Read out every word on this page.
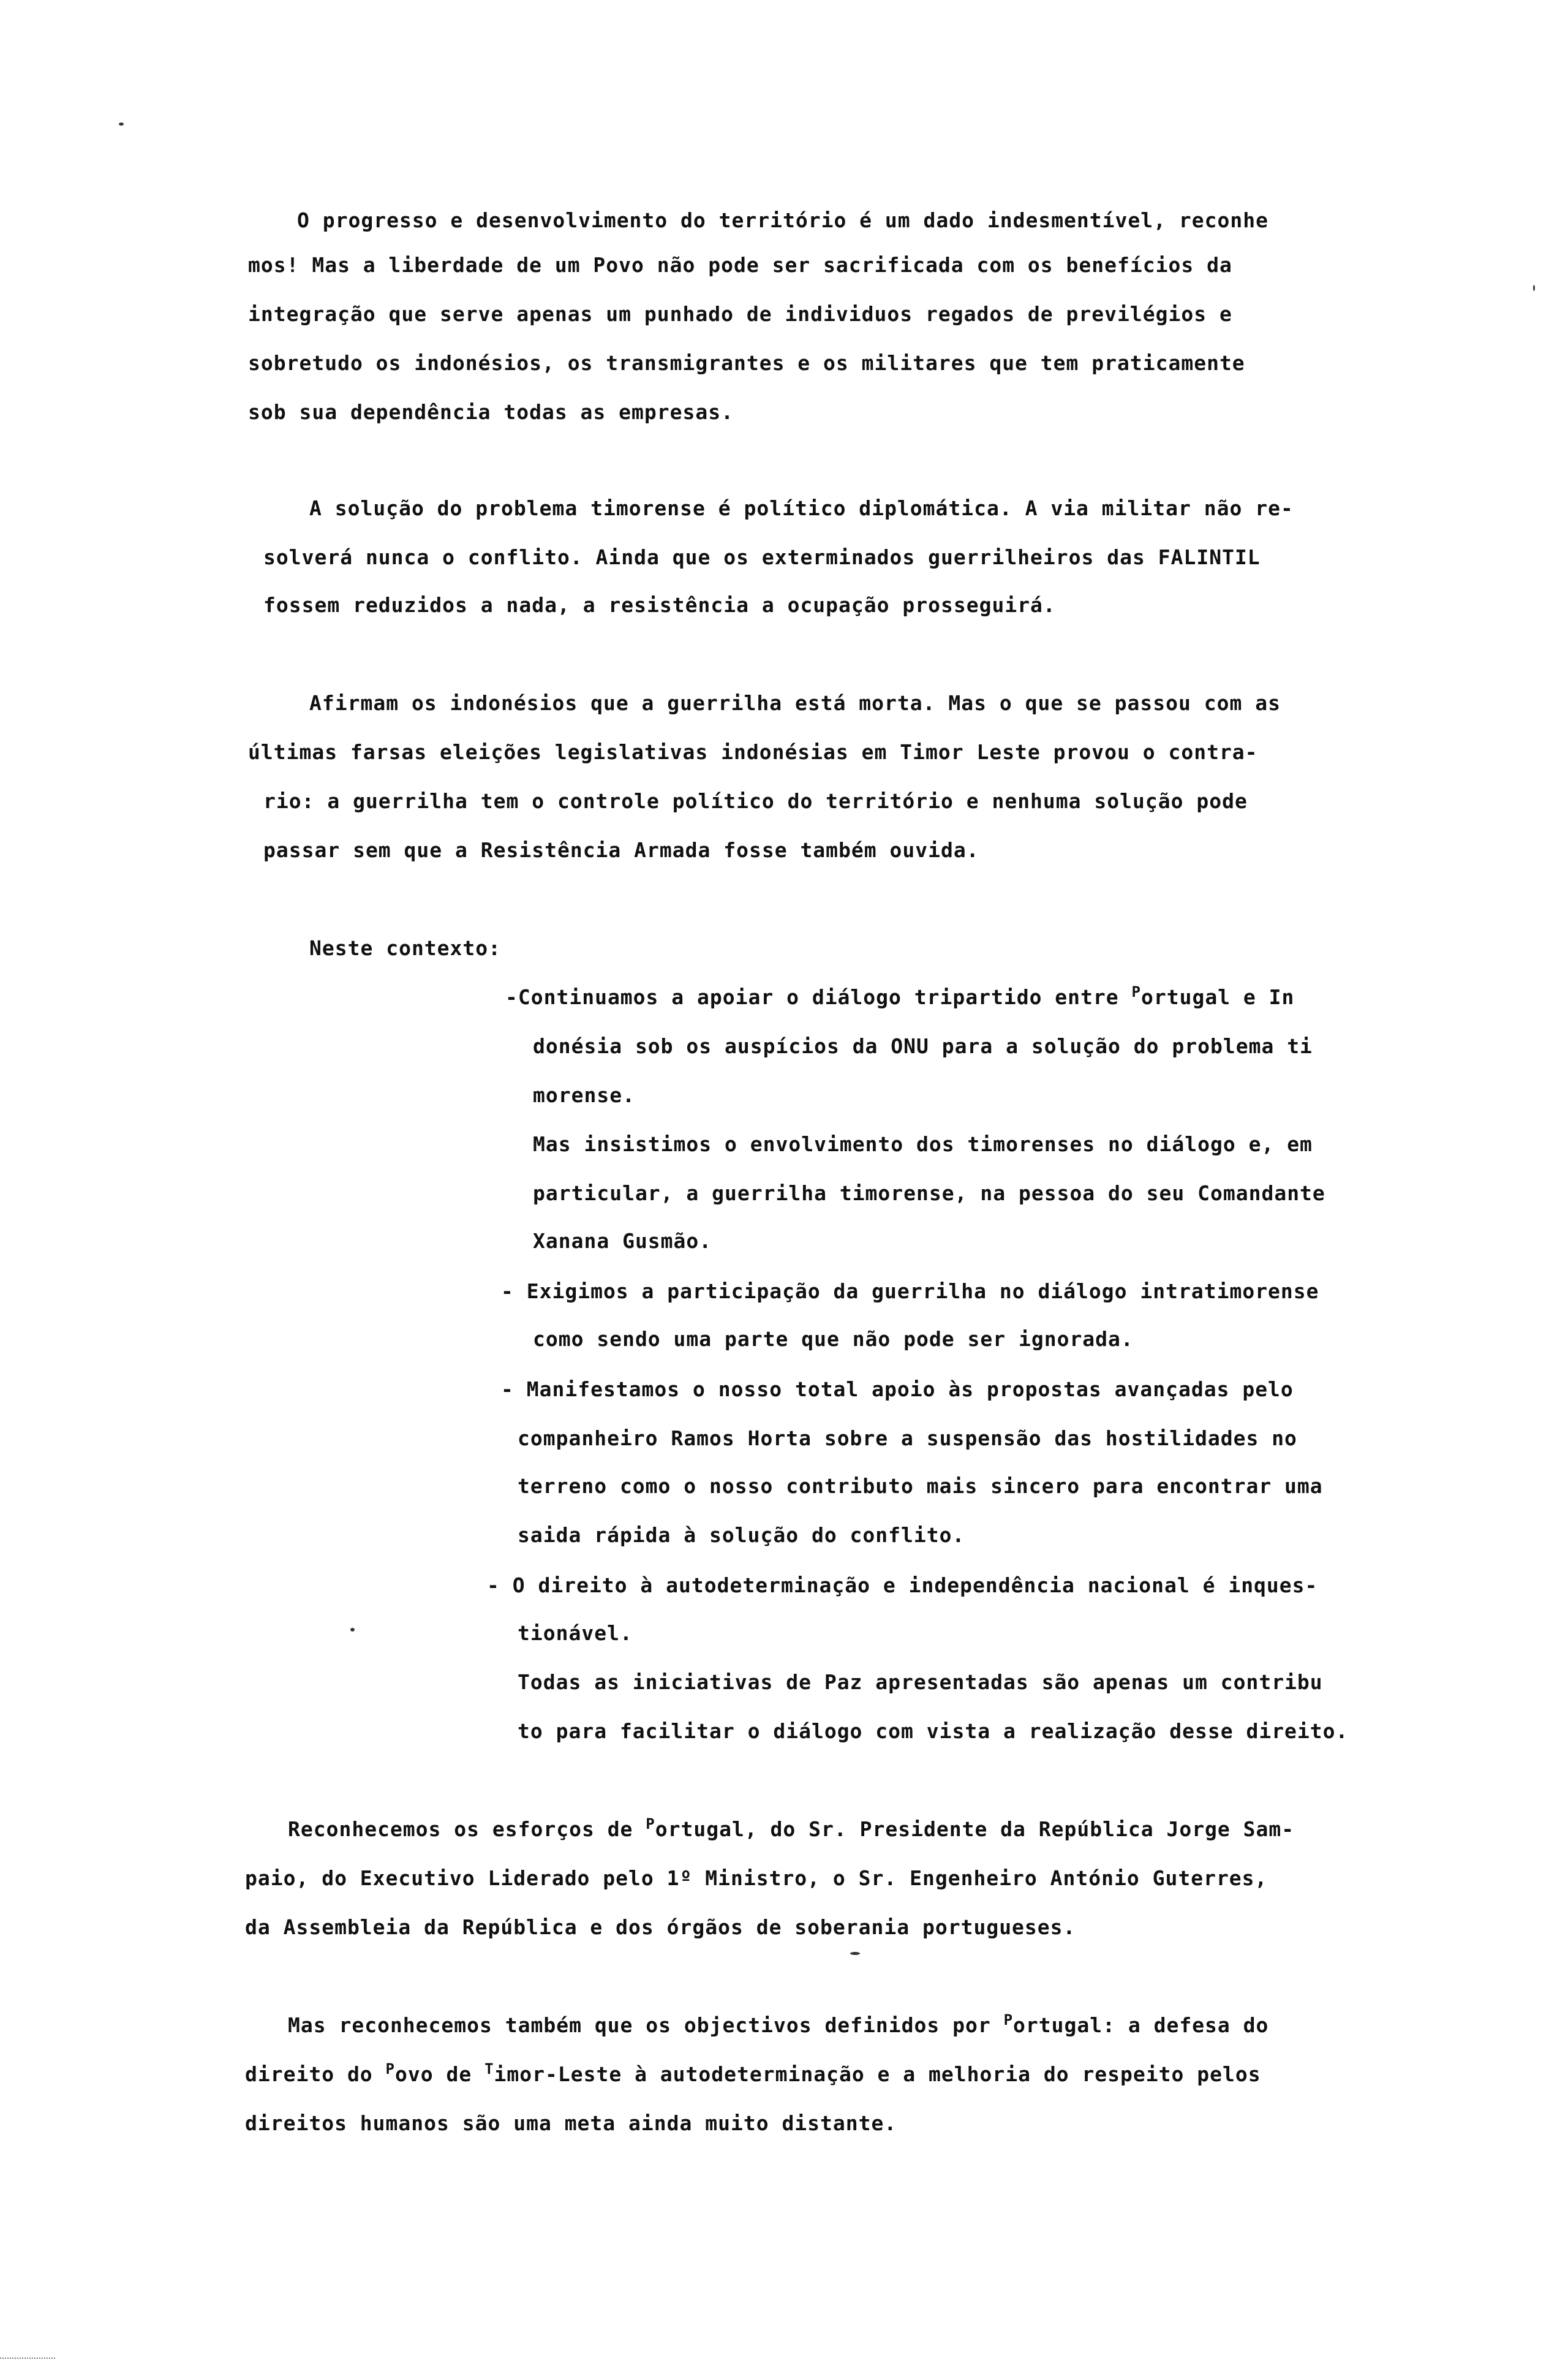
O progresso e desenvolvimento do território é um dado indesmentível, reconhe
mos! Mas a liberdade de um Povo não pode ser sacrificada com os benefícios da
integração que serve apenas um punhado de individuos regados de previlégios e
sobretudo os indonésios, os transmigrantes e os militares que tem praticamente
sob sua dependência todas as empresas.
A solução do problema timorense é político diplomática. A via militar não re-
solverá nunca o conflito. Ainda que os exterminados guerrilheiros das FALINTIL
fossem reduzidos a nada, a resistência a ocupação prosseguirá.
Afirmam os indonésios que a guerrilha está morta. Mas o que se passou com as
últimas farsas eleições legislativas indonésias em Timor Leste provou o contra-
rio: a guerrilha tem o controle político do território e nenhuma solução pode
passar sem que a Resistência Armada fosse também ouvida.
Neste contexto:
-Continuamos a apoiar o diálogo tripartido entre $^P$ortugal e In
donésia sob os auspícios da ONU para a solução do problema ti
morense.
Mas insistimos o envolvimento dos timorenses no diálogo e, em
particular, a guerrilha timorense, na pessoa do seu Comandante
Xanana Gusmão.
- Exigimos a participação da guerrilha no diálogo intratimorense
como sendo uma parte que não pode ser ignorada.
- Manifestamos o nosso total apoio às propostas avançadas pelo
companheiro Ramos Horta sobre a suspensão das hostilidades no
terreno como o nosso contributo mais sincero para encontrar uma
saida rápida à solução do conflito.
- O direito à autodeterminação e independência nacional é inques-
tionável.
Todas as iniciativas de Paz apresentadas são apenas um contribu
to para facilitar o diálogo com vista a realização desse direito.
Reconhecemos os esforços de $^P$ortugal, do Sr. Presidente da República Jorge Sam-
paio, do Executivo Liderado pelo 1º Ministro, o Sr. Engenheiro António Guterres,
da Assembleia da República e dos órgãos de soberania portugueses.
Mas reconhecemos também que os objectivos definidos por $^P$ortugal: a defesa do
direito do $^P$ovo de $^T$imor-Leste à autodeterminação e a melhoria do respeito pelos
direitos humanos são uma meta ainda muito distante.
